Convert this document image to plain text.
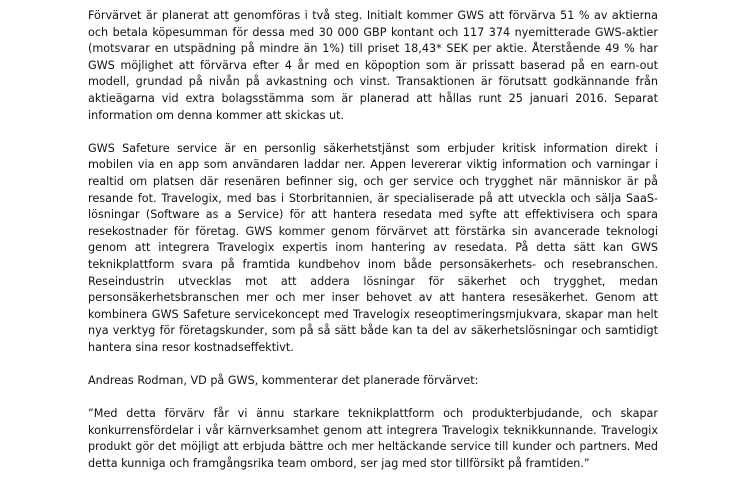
Förvärvet är planerat att genomföras i två steg. Initialt kommer GWS att förvärva 51 % av aktierna och betala köpesumman för dessa med 30 000 GBP kontant och 117 374 nyemitterade GWS-aktier (motsvarar en utspädning på mindre än 1%) till priset 18,43* SEK per aktie. Återstående 49 % har GWS möjlighet att förvärva efter 4 år med en köpoption som är prissatt baserad på en earn-out modell, grundad på nivån på avkastning och vinst. Transaktionen är förutsatt godkännande från aktieägarna vid extra bolagsstämma som är planerad att hållas runt 25 januari 2016. Separat information om denna kommer att skickas ut.

GWS Safeture service är en personlig säkerhetstjänst som erbjuder kritisk information direkt i mobilen via en app som användaren laddar ner. Appen levererar viktig information och varningar i realtid om platsen där resenären befinner sig, och ger service och trygghet när människor är på resande fot. Travelogix, med bas i Storbritannien, är specialiserade på att utveckla och sälja SaaS-lösningar (Software as a Service) för att hantera resedata med syfte att effektivisera och spara resekostnader för företag. GWS kommer genom förvärvet att förstärka sin avancerade teknologi genom att integrera Travelogix expertis inom hantering av resedata. På detta sätt kan GWS teknikplattform svara på framtida kundbehov inom både personsäkerhets- och resebranschen. Reseindustrin utvecklas mot att addera lösningar för säkerhet och trygghet, medan personsäkerhetsbranschen mer och mer inser behovet av att hantera resesäkerhet. Genom att kombinera GWS Safeture servicekoncept med Travelogix reseoptimeringsmjukvara, skapar man helt nya verktyg för företagskunder, som på så sätt både kan ta del av säkerhetslösningar och samtidigt hantera sina resor kostnadseffektivt.

Andreas Rodman, VD på GWS, kommenterar det planerade förvärvet:

”Med detta förvärv får vi ännu starkare teknikplattform och produkterbjudande, och skapar konkurrensfördelar i vår kärnverksamhet genom att integrera Travelogix teknikkunnande. Travelogix produkt gör det möjligt att erbjuda bättre och mer heltäckande service till kunder och partners. Med detta kunniga och framgångsrika team ombord, ser jag med stor tillförsikt på framtiden.”
